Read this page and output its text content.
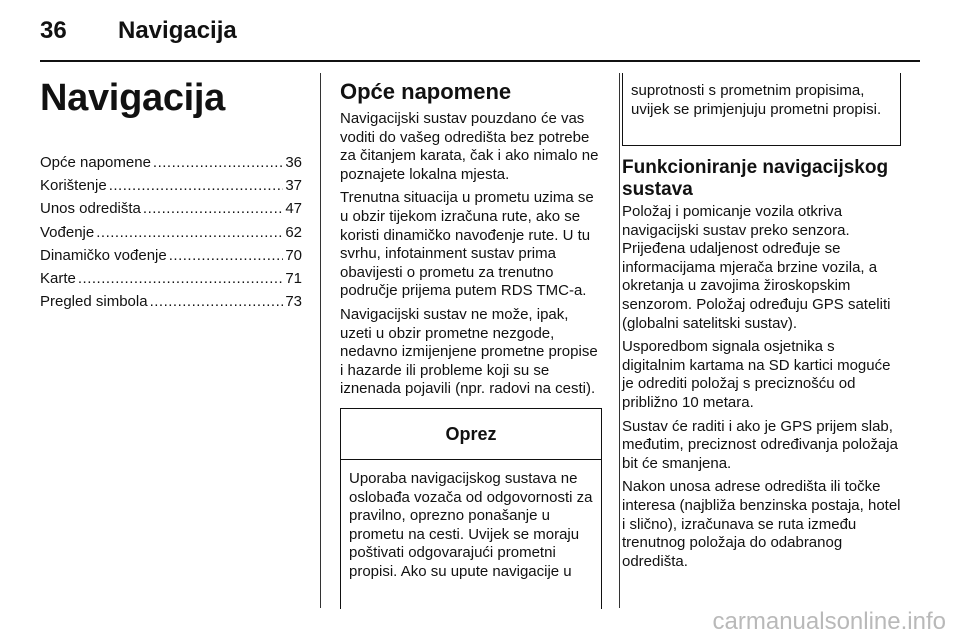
36 Navigacija
Navigacija
Opće napomene .....	36
Korištenje .....	37
Unos odredišta .....	47
Vođenje .....	62
Dinamičko vođenje .....	70
Karte .....	71
Pregled simbola .....	73
Opće napomene

Navigacijski sustav pouzdano će vas voditi do vašeg odredišta bez potrebe za čitanjem karata, čak i ako nimalo ne poznajete lokalna mjesta.

Trenutna situacija u prometu uzima se u obzir tijekom izračuna rute, ako se koristi dinamičko navođenje rute. U tu svrhu, infotainment sustav prima obavijesti o prometu za trenutno područje prijema putem RDS TMC-a.

Navigacijski sustav ne može, ipak, uzeti u obzir prometne nezgode, nedavno izmijenjene prometne propise i hazarde ili probleme koji su se iznenada pojavili (npr. radovi na cesti).

Oprez
Uporaba navigacijskog sustava ne oslobađa vozača od odgovornosti za pravilno, oprezno ponašanje u prometu na cesti. Uvijek se moraju poštivati odgovarajući prometni propisi. Ako su upute navigacije u
suprotnosti s prometnim propisima, uvijek se primjenjuju prometni propisi.
Funkcioniranje navigacijskog sustava

Položaj i pomicanje vozila otkriva navigacijski sustav preko senzora. Prijeđena udaljenost određuje se informacijama mjerača brzine vozila, a okretanja u zavojima žiroskopskim senzorom. Položaj određuju GPS sateliti (globalni satelitski sustav).

Usporedbom signala osjetnika s digitalnim kartama na SD kartici moguće je odrediti položaj s preciznošću od približno 10 metara.

Sustav će raditi i ako je GPS prijem slab, međutim, preciznost određivanja položaja bit će smanjena.

Nakon unosa adrese odredišta ili točke interesa (najbliža benzinska postaja, hotel i slično), izračunava se ruta između trenutnog položaja do odabranog odredišta.

carmanualsonline.info
